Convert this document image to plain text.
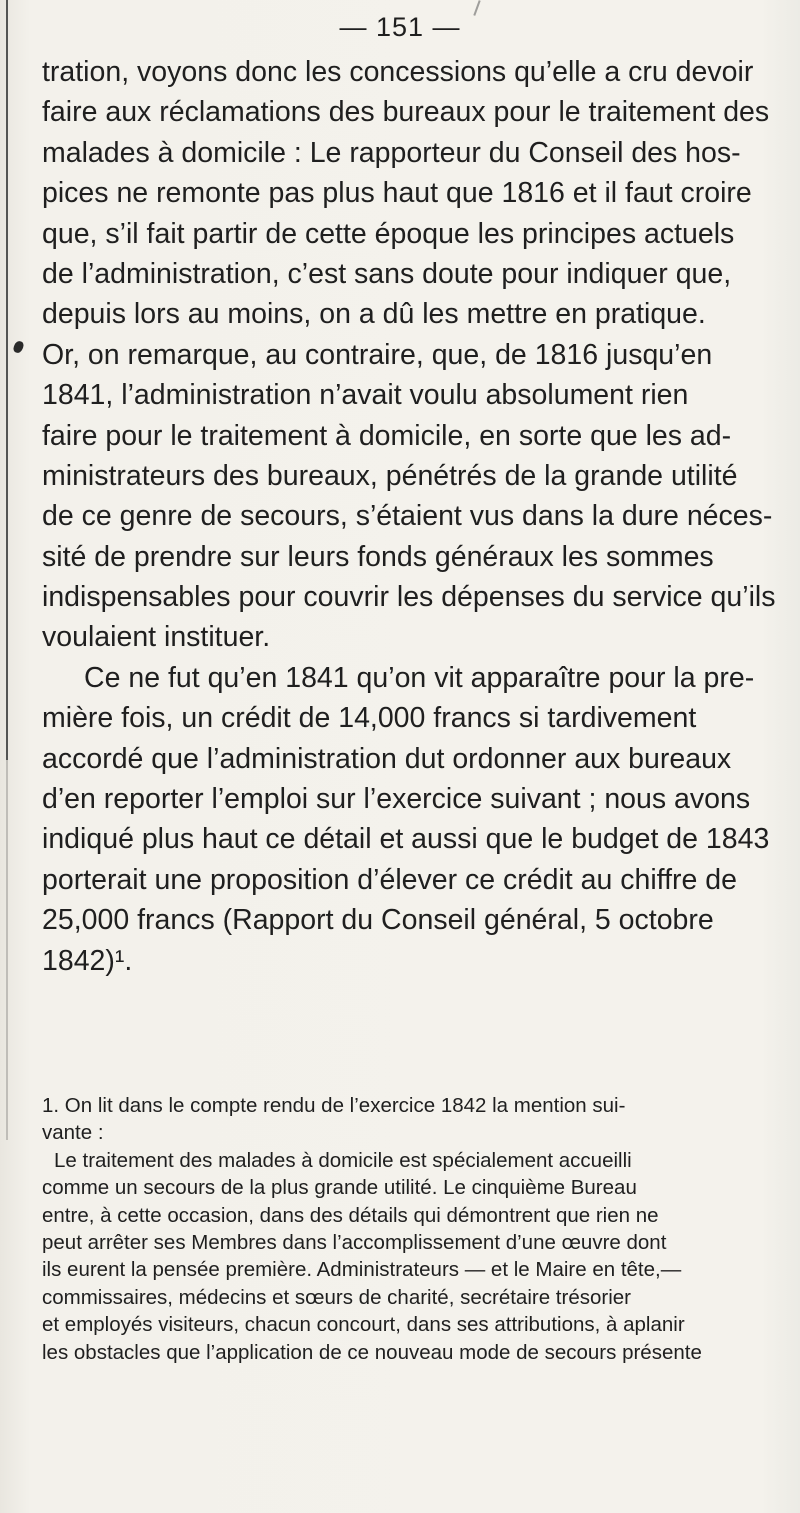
— 151 —
tration, voyons donc les concessions qu’elle a cru devoir
faire aux réclamations des bureaux pour le traitement des
malades à domicile : Le rapporteur du Conseil des hos-
pices ne remonte pas plus haut que 1816 et il faut croire
que, s’il fait partir de cette époque les principes actuels
de l’administration, c’est sans doute pour indiquer que,
depuis lors au moins, on a dû les mettre en pratique.
Or, on remarque, au contraire, que, de 1816 jusqu’en
1841, l’administration n’avait voulu absolument rien
faire pour le traitement à domicile, en sorte que les ad-
ministrateurs des bureaux, pénétrés de la grande utilité
de ce genre de secours, s’étaient vus dans la dure néces-
sité de prendre sur leurs fonds généraux les sommes
indispensables pour couvrir les dépenses du service qu’ils
voulaient instituer.
Ce ne fut qu’en 1841 qu’on vit apparaître pour la pre-
mière fois, un crédit de 14,000 francs si tardivement
accordé que l’administration dut ordonner aux bureaux
d’en reporter l’emploi sur l’exercice suivant ; nous avons
indiqué plus haut ce détail et aussi que le budget de 1843
porterait une proposition d’élever ce crédit au chiffre de
25,000 francs (Rapport du Conseil général, 5 octobre
1842)¹.
1. On lit dans le compte rendu de l’exercice 1842 la mention sui-
vante :
Le traitement des malades à domicile est spécialement accueilli
comme un secours de la plus grande utilité. Le cinquième Bureau
entre, à cette occasion, dans des détails qui démontrent que rien ne
peut arrêter ses Membres dans l’accomplissement d’une œuvre dont
ils eurent la pensée première. Administrateurs — et le Maire en tête,—
commissaires, médecins et sœurs de charité, secrétaire trésorier
et employés visiteurs, chacun concourt, dans ses attributions, à aplanir
les obstacles que l’application de ce nouveau mode de secours présente
